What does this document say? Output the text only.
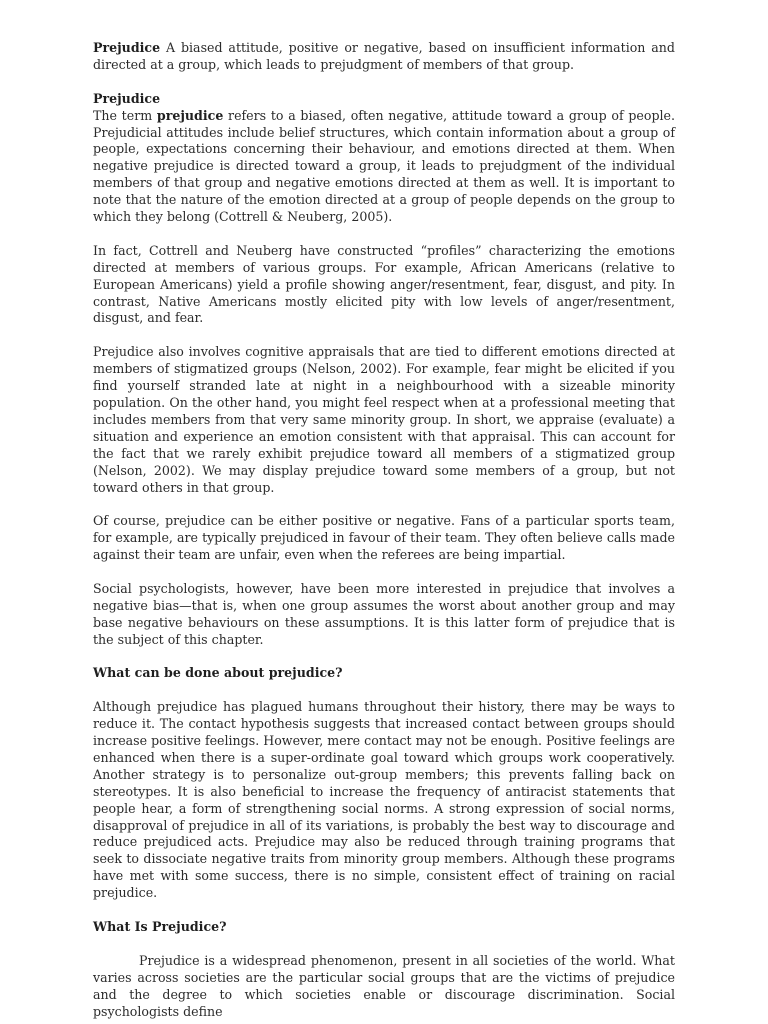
Prejudice A biased attitude, positive or negative, based on insufficient information and directed at a group, which leads to prejudgment of members of that group.

Prejudice

The term prejudice refers to a biased, often negative, attitude toward a group of people. Prejudicial attitudes include belief structures, which contain information about a group of people, expectations concerning their behaviour, and emotions directed at them. When negative prejudice is directed toward a group, it leads to prejudgment of the individual members of that group and negative emotions directed at them as well. It is important to note that the nature of the emotion directed at a group of people depends on the group to which they belong (Cottrell & Neuberg, 2005).

In fact, Cottrell and Neuberg have constructed “profiles” characterizing the emotions directed at members of various groups. For example, African Americans (relative to European Americans) yield a profile showing anger/resentment, fear, disgust, and pity. In contrast, Native Americans mostly elicited pity with low levels of anger/resentment, disgust, and fear.

Prejudice also involves cognitive appraisals that are tied to different emotions directed at members of stigmatized groups (Nelson, 2002). For example, fear might be elicited if you find yourself stranded late at night in a neighbourhood with a sizeable minority population. On the other hand, you might feel respect when at a professional meeting that includes members from that very same minority group. In short, we appraise (evaluate) a situation and experience an emotion consistent with that appraisal. This can account for the fact that we rarely exhibit prejudice toward all members of a stigmatized group (Nelson, 2002). We may display prejudice toward some members of a group, but not toward others in that group.

Of course, prejudice can be either positive or negative. Fans of a particular sports team, for example, are typically prejudiced in favour of their team. They often believe calls made against their team are unfair, even when the referees are being impartial.

Social psychologists, however, have been more interested in prejudice that involves a negative bias—that is, when one group assumes the worst about another group and may base negative behaviours on these assumptions. It is this latter form of prejudice that is the subject of this chapter.

What can be done about prejudice?

Although prejudice has plagued humans throughout their history, there may be ways to reduce it. The contact hypothesis suggests that increased contact between groups should increase positive feelings. However, mere contact may not be enough. Positive feelings are enhanced when there is a super-ordinate goal toward which groups work cooperatively. Another strategy is to personalize out-group members; this prevents falling back on stereotypes. It is also beneficial to increase the frequency of antiracist statements that people hear, a form of strengthening social norms. A strong expression of social norms, disapproval of prejudice in all of its variations, is probably the best way to discourage and reduce prejudiced acts. Prejudice may also be reduced through training programs that seek to dissociate negative traits from minority group members. Although these programs have met with some success, there is no simple, consistent effect of training on racial prejudice.

What Is Prejudice?

Prejudice is a widespread phenomenon, present in all societies of the world. What varies across societies are the particular social groups that are the victims of prejudice and the degree to which societies enable or discourage discrimination. Social psychologists define
